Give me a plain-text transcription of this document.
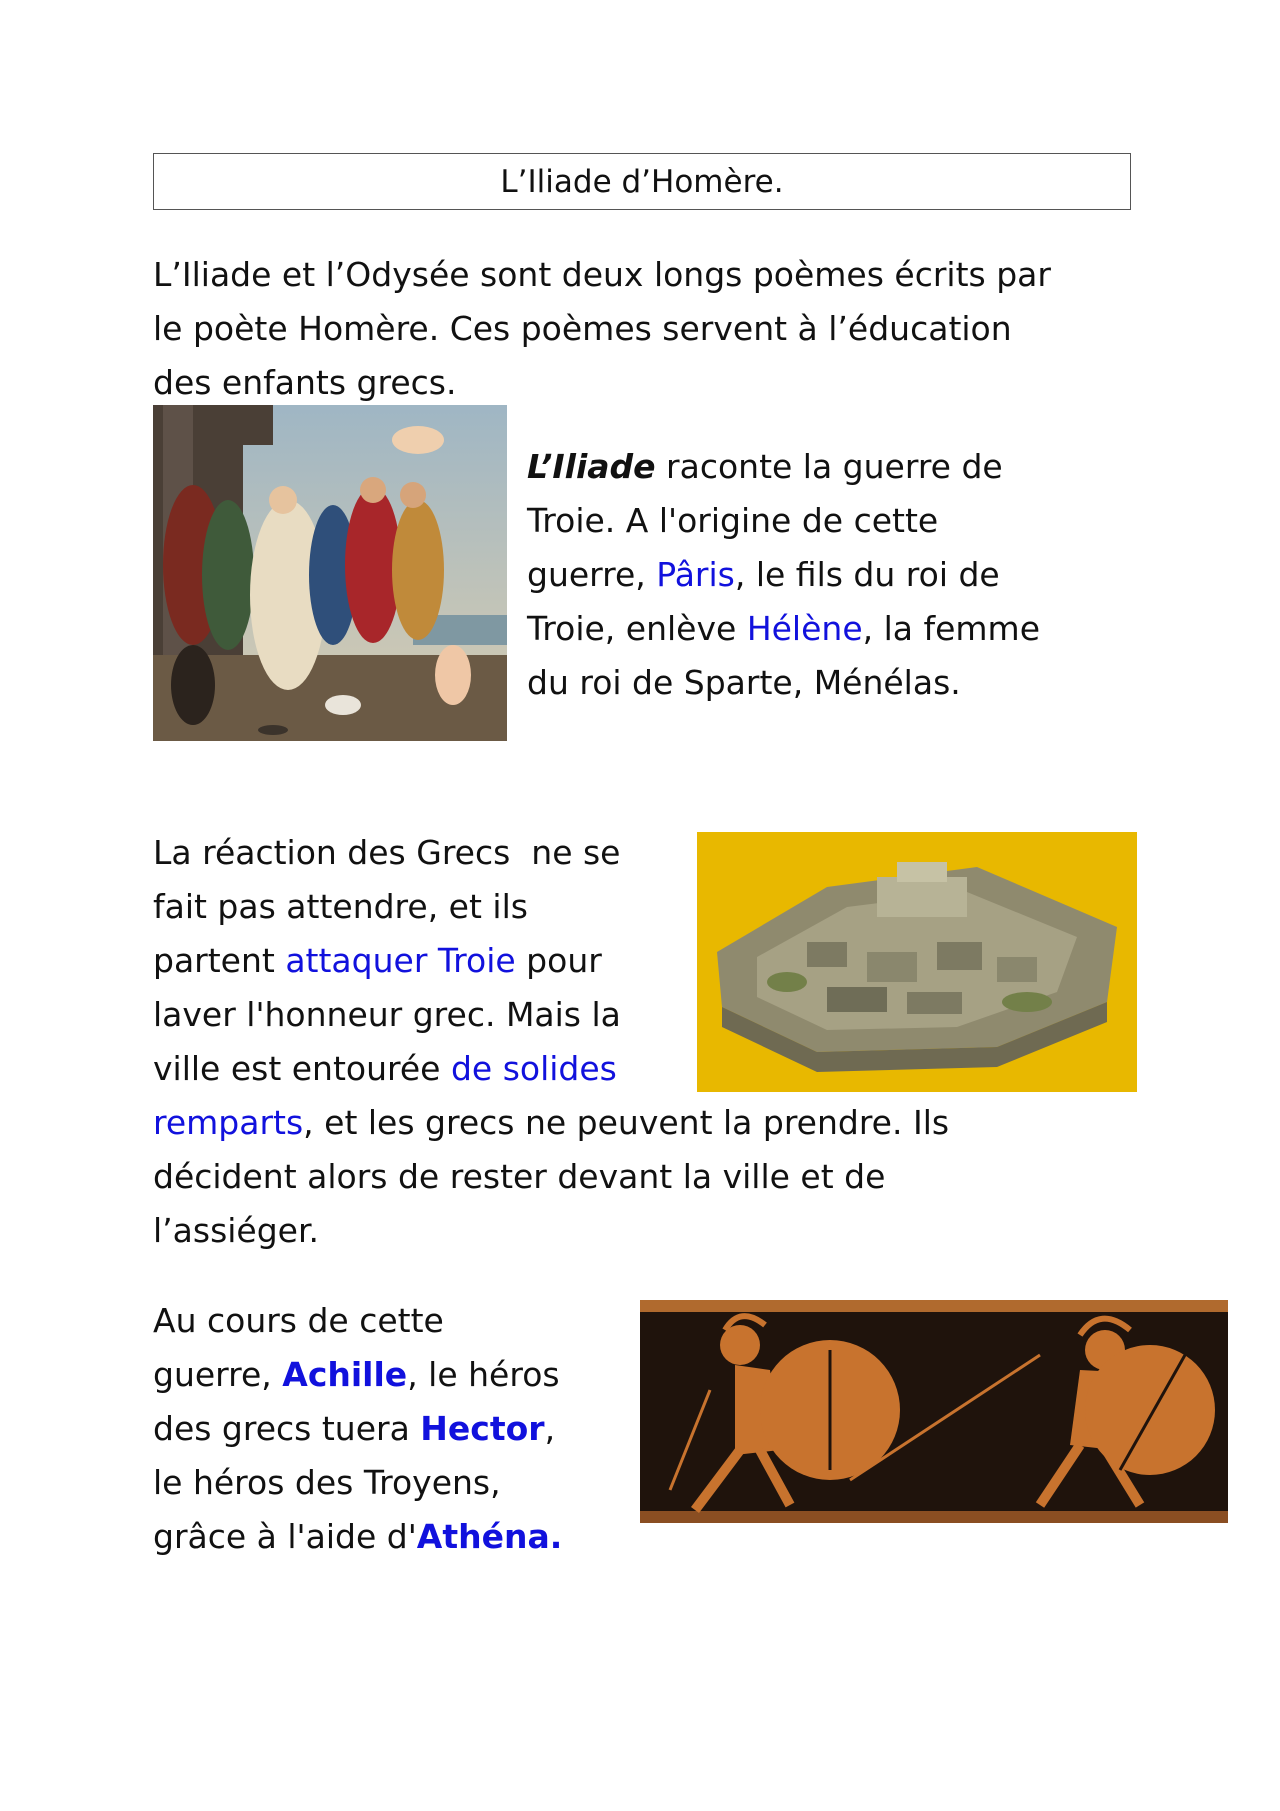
L’Iliade d’Homère.

L’Iliade et l’Odysée sont deux longs poèmes écrits par

le poète Homère. Ces poèmes servent à l’éducation

des enfants grecs.

L’Iliade raconte la guerre de

Troie. A l'origine de cette

guerre, Pâris, le fils du roi de

Troie, enlève Hélène, la femme

du roi de Sparte, Ménélas.

La réaction des Grecs  ne se

fait pas attendre, et ils

partent attaquer Troie pour

laver l'honneur grec. Mais la

ville est entourée de solides

remparts, et les grecs ne peuvent la prendre. Ils

décident alors de rester devant la ville et de

l’assiéger.

Au cours de cette

guerre, Achille, le héros

des grecs tuera Hector,

le héros des Troyens,

grâce à l'aide d'Athéna.
